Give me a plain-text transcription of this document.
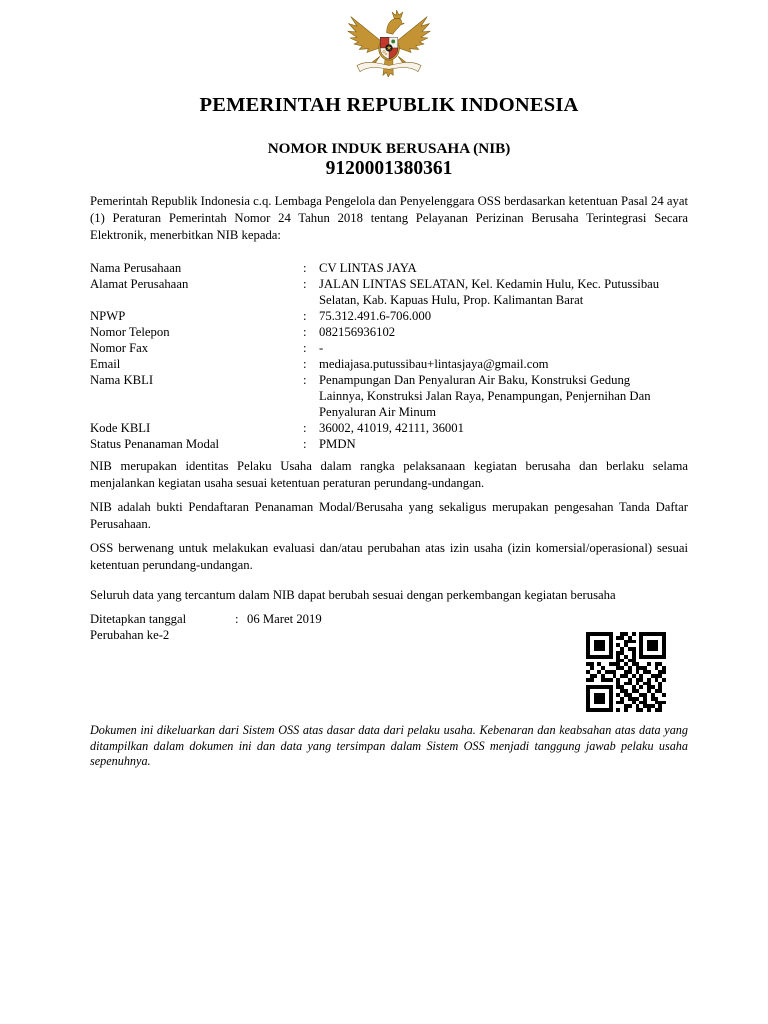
PEMERINTAH REPUBLIK INDONESIA
NOMOR INDUK BERUSAHA (NIB)
9120001380361

Pemerintah Republik Indonesia c.q. Lembaga Pengelola dan Penyelenggara OSS berdasarkan ketentuan Pasal 24 ayat (1) Peraturan Pemerintah Nomor 24 Tahun 2018 tentang Pelayanan Perizinan Berusaha Terintegrasi Secara Elektronik, menerbitkan NIB kepada:

Nama Perusahaan	: CV LINTAS JAYA
Alamat Perusahaan	: JALAN LINTAS SELATAN, Kel. Kedamin Hulu, Kec. Putussibau Selatan, Kab. Kapuas Hulu, Prop. Kalimantan Barat
NPWP	: 75.312.491.6-706.000
Nomor Telepon	: 082156936102
Nomor Fax	: -
Email	: mediajasa.putussibau+lintasjaya@gmail.com
Nama KBLI	: Penampungan Dan Penyaluran Air Baku, Konstruksi Gedung Lainnya, Konstruksi Jalan Raya, Penampungan, Penjernihan Dan Penyaluran Air Minum
Kode KBLI	: 36002, 41019, 42111, 36001
Status Penanaman Modal	: PMDN

NIB merupakan identitas Pelaku Usaha dalam rangka pelaksanaan kegiatan berusaha dan berlaku selama menjalankan kegiatan usaha sesuai ketentuan peraturan perundang-undangan.

NIB adalah bukti Pendaftaran Penanaman Modal/Berusaha yang sekaligus merupakan pengesahan Tanda Daftar Perusahaan.

OSS berwenang untuk melakukan evaluasi dan/atau perubahan atas izin usaha (izin komersial/operasional) sesuai ketentuan perundang-undangan.

Seluruh data yang tercantum dalam NIB dapat berubah sesuai dengan perkembangan kegiatan berusaha

Ditetapkan tanggal	: 06 Maret 2019
Perubahan ke-2

Dokumen ini dikeluarkan dari Sistem OSS atas dasar data dari pelaku usaha. Kebenaran dan keabsahan atas data yang ditampilkan dalam dokumen ini dan data yang tersimpan dalam Sistem OSS menjadi tanggung jawab pelaku usaha sepenuhnya.
